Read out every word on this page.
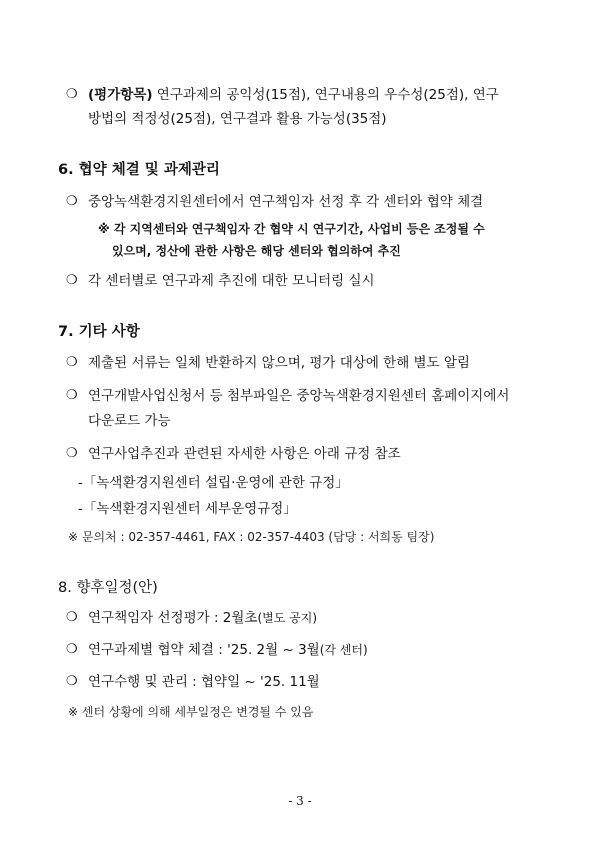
❍ (평가항목) 연구과제의 공익성(15점), 연구내용의 우수성(25점), 연구
방법의 적정성(25점), 연구결과 활용 가능성(35점)
6. 협약 체결 및 과제관리
❍ 중앙녹색환경지원센터에서 연구책임자 선정 후 각 센터와 협약 체결
※ 각 지역센터와 연구책임자 간 협약 시 연구기간, 사업비 등은 조정될 수
있으며, 정산에 관한 사항은 해당 센터와 협의하여 추진
❍ 각 센터별로 연구과제 추진에 대한 모니터링 실시
7. 기타 사항
❍ 제출된 서류는 일체 반환하지 않으며, 평가 대상에 한해 별도 알림
❍ 연구개발사업신청서 등 첨부파일은 중앙녹색환경지원센터 홈페이지에서
다운로드 가능
❍ 연구사업추진과 관련된 자세한 사항은 아래 규정 참조
-「녹색환경지원센터 설립·운영에 관한 규정」
-「녹색환경지원센터 세부운영규정」
※ 문의처 : 02-357-4461, FAX : 02-357-4403 (담당 : 서희동 팀장)
8. 향후일정(안)
❍ 연구책임자 선정평가 : 2월초(별도 공지)
❍ 연구과제별 협약 체결 : '25. 2월 ~ 3월(각 센터)
❍ 연구수행 및 관리 : 협약일 ~ '25. 11월
※ 센터 상황에 의해 세부일정은 변경될 수 있음
- 3 -
